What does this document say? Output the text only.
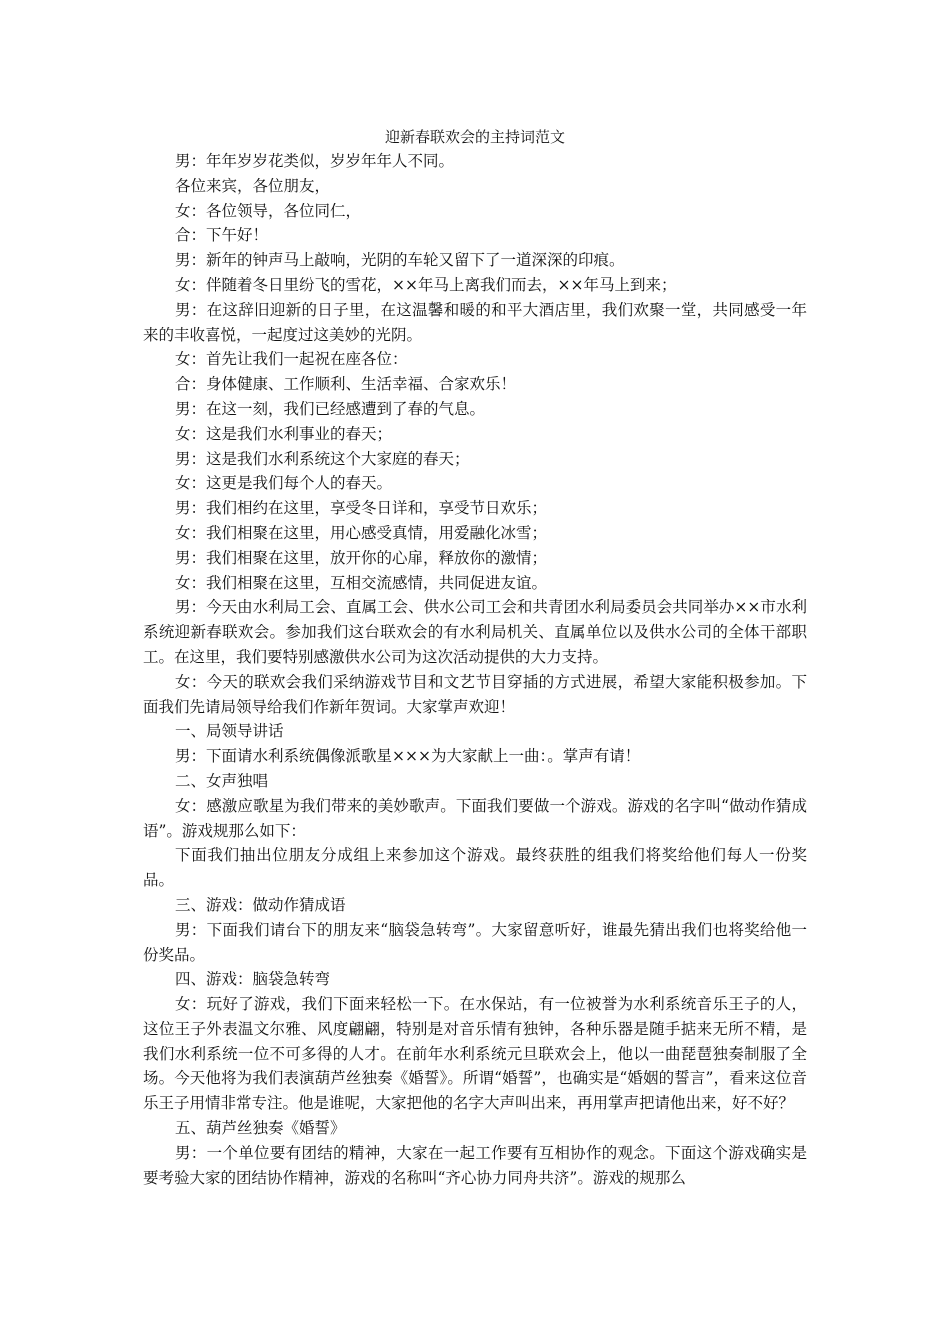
迎新春联欢会的主持词范文

男：年年岁岁花类似，岁岁年年人不同。

各位来宾，各位朋友，

女：各位领导，各位同仁，

合：下午好！

男：新年的钟声马上敲响，光阴的车轮又留下了一道深深的印痕。

女：伴随着冬日里纷飞的雪花，××年马上离我们而去，××年马上到来；

男：在这辞旧迎新的日子里，在这温馨和暖的和平大酒店里，我们欢聚一堂，共同感受一年来的丰收喜悦，一起度过这美妙的光阴。

女：首先让我们一起祝在座各位：

合：身体健康、工作顺利、生活幸福、合家欢乐！

男：在这一刻，我们已经感遭到了春的气息。

女：这是我们水利事业的春天；

男：这是我们水利系统这个大家庭的春天；

女：这更是我们每个人的春天。

男：我们相约在这里，享受冬日详和，享受节日欢乐；

女：我们相聚在这里，用心感受真情，用爱融化冰雪；

男：我们相聚在这里，放开你的心扉，释放你的激情；

女：我们相聚在这里，互相交流感情，共同促进友谊。

男：今天由水利局工会、直属工会、供水公司工会和共青团水利局委员会共同举办××市水利系统迎新春联欢会。参加我们这台联欢会的有水利局机关、直属单位以及供水公司的全体干部职工。在这里，我们要特别感激供水公司为这次活动提供的大力支持。

女：今天的联欢会我们采纳游戏节目和文艺节目穿插的方式进展，希望大家能积极参加。下面我们先请局领导给我们作新年贺词。大家掌声欢迎！

一、局领导讲话

男：下面请水利系统偶像派歌星×××为大家献上一曲：。掌声有请！

二、女声独唱

女：感激应歌星为我们带来的美妙歌声。下面我们要做一个游戏。游戏的名字叫“做动作猜成语”。游戏规那么如下：

下面我们抽出位朋友分成组上来参加这个游戏。最终获胜的组我们将奖给他们每人一份奖品。

三、游戏：做动作猜成语

男：下面我们请台下的朋友来“脑袋急转弯”。大家留意听好，谁最先猜出我们也将奖给他一份奖品。

四、游戏：脑袋急转弯

女：玩好了游戏，我们下面来轻松一下。在水保站，有一位被誉为水利系统音乐王子的人，这位王子外表温文尔雅、风度翩翩，特别是对音乐情有独钟，各种乐器是随手掂来无所不精，是我们水利系统一位不可多得的人才。在前年水利系统元旦联欢会上，他以一曲琵琶独奏制服了全场。今天他将为我们表演葫芦丝独奏《婚誓》。所谓“婚誓”，也确实是“婚姻的誓言”，看来这位音乐王子用情非常专注。他是谁呢，大家把他的名字大声叫出来，再用掌声把请他出来，好不好？

五、葫芦丝独奏《婚誓》

男：一个单位要有团结的精神，大家在一起工作要有互相协作的观念。下面这个游戏确实是要考验大家的团结协作精神，游戏的名称叫“齐心协力同舟共济”。游戏的规那么
